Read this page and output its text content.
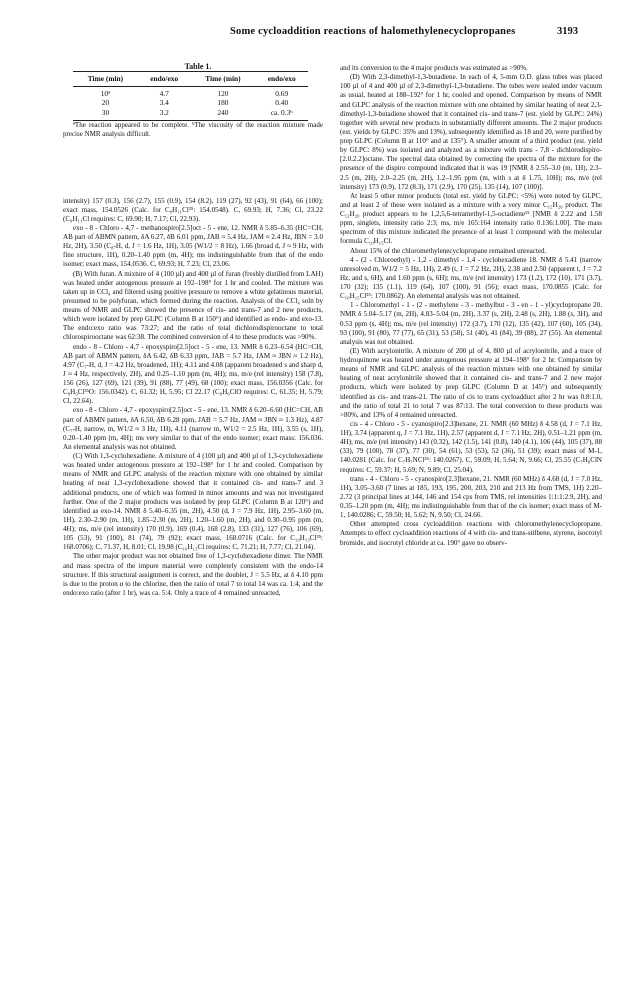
Some cycloaddition reactions of halomethylenecyclopropanes	3193

Table 1.

Time (min)	endo/exo	Time (min)	endo/exo

10ª	4.7	120	0.69
20	3.4	180	0.40
30	3.2	240	ca. 0.3ᵇ

ªThe reaction appeared to be complete. ᵇThe viscosity of the reaction mixture made precise NMR analysis difficult.

intensity) 157 (0.3), 156 (2.7), 155 (0.9), 154 (8.2), 119 (27), 92 (43), 91 (64), 66 (100); exact mass, 154.0526 (Calc. for C₉H₁₁Cl³⁵: 154.0548). C, 69.93; H, 7.36; Cl, 23.22 (C₉H₁₁Cl requires: C, 69.90; H, 7.17; Cl, 22.93).

exo - 8 - Chloro - 4,7 - methanospiro[2.5]oct - 5 - ene, 12. NMR δ 5.85–6.35 (HC=CH, AB part of ABMN pattern, δA 6.27, δB 6.01 ppm, JAB ≈ 5.4 Hz, JAM ≈ 2.4 Hz, JBN = 3.0 Hz, 2H), 3.50 (C₈-H, d, J = 1.6 Hz, 1H), 3.05 (W1/2 = 8 Hz), 1.66 (broad d, J ≈ 9 Hz, with fine structure, 1H), 0.20–1.40 ppm (m, 4H); ms indistinguishable from that of the endo isomer; exact mass, 154.0536. C, 69.93; H, 7.23; Cl, 23.06.

(B) With furan. A mixture of 4 (100 µl) and 400 µl of furan (freshly distilled from LAH) was heated under autogenous pressure at 192–198° for 1 hr and cooled. The mixture was taken up in CCl₄ and filtered using positive pressure to remove a white gelatinous material, presumed to be polyfuran, which formed during the reaction. Analysis of the CCl₄ soln by means of NMR and GLPC showed the presence of cis- and trans-7 and 2 new products, which were isolated by prep GLPC (Column B at 150°) and identified as endo- and exo-13. The endo:exo ratio was 73:27; and the ratio of total dichlorodispirooctane to total chlorospirooctane was 62:38. The combined conversion of 4 to these products was >90%.

endo - 8 - Chloro - 4,7 - epoxyspiro[2.5]oct - 5 - ene, 13. NMR δ 6.23–6.54 (HC=CH, AB part of ABMN pattern, δA 6.42, δB 6.33 ppm, JAB = 5.7 Hz, JAM ≈ JBN ≈ 1.2 Hz), 4.97 (C₇-H, d, J = 4.2 Hz, broadened, 1H); 4.11 and 4.08 (apparent broadened s and sharp d, J ≈ 4 Hz, respectively, 2H), and 0.25–1.10 ppm (m, 4H); ms, m/e (rel intensity) 158 (7.8), 156 (26), 127 (69), 121 (39), 91 (88), 77 (49), 68 (100); exact mass, 156.0356 (Calc. for C₈H₉Cl³⁵O: 156.0342). C, 61.32; H, 5.95; Cl 22.17 (C₈H₉ClO requires: C, 61.35; H, 5.79; Cl, 22.64).

exo - 8 - Chloro - 4,7 - epoxyspiro[2.5]oct - 5 - ene, 13. NMR δ 6.20–6.60 (HC=CH, AB part of ABMN pattern, δA 6.50, δB 6.28 ppm, JAB = 5.7 Hz, JAM ≈ JBN ≈ 1.3 Hz), 4.87 (C₇-H, narrow, m, W1/2 ≈ 3 Hz, 1H), 4.11 (narrow m, W1/2 = 2.5 Hz, 1H), 3.55 (s, 1H), 0.20–1.40 ppm (m, 4H); ms very similar to that of the endo isomer; exact mass: 156.036. An elemental analysis was not obtained.

(C) With 1,3-cyclohexadiene. A mixture of 4 (100 µl) and 400 µl of 1,3-cyclohexadiene was heated under autogenous pressure at 192–198° for 1 hr and cooled. Comparison by means of NMR and GLPC analysis of the reaction mixture with one obtained by similar heating of neat 1,3-cyclohexadiene showed that it contained cis- and trans-7 and 3 additional products, one of which was formed in minor amounts and was not investigated further. One of the 2 major products was isolated by prep GLPC (Column B at 120°) and identified as exo-14. NMR δ 5.40–6.35 (m, 2H), 4.50 (d, J = 7.9 Hz, 1H), 2.95–3.60 (m, 1H), 2.30–2.90 (m, 1H), 1.85–2.30 (m, 2H), 1.20–1.60 (m, 2H), and 0.30–0.95 ppm (m, 4H); ms, m/e (rel intensity) 170 (0.9), 169 (0.4), 168 (2.8), 133 (31), 127 (76), 106 (69), 105 (53), 91 (100), 81 (74), 79 (92); exact mass, 168.0716 (Calc. for C₁₀H₁₃Cl³⁵: 168.0706); C, 71.37, H, 8.01; Cl, 19.98 (C₁₀H₁₃Cl requires: C, 71.21; H, 7.77; Cl, 21.04).

The other major product was not obtained free of 1,3-cyclohexadiene dimer. The NMR and mass spectra of the impure material were completely consistent with the endo-14 structure. If this structural assignment is correct, and the doublet, J = 5.5 Hz, at δ 4.10 ppm is due to the proton α to the chlorine, then the ratio of total 7 to total 14 was ca. 1:4, and the endo:exo ratio (after 1 hr), was ca. 5:4. Only a trace of 4 remained unreacted,

and its conversion to the 4 major products was estimated as >90%.

(D) With 2,3-dimethyl-1,3-butadiene. In each of 4, 5-mm O.D. glass tubes was placed 100 µl of 4 and 400 µl of 2,3-dimethyl-1,3-butadiene. The tubes were sealed under vacuum as usual, heated at 188–192° for 1 hr, cooled and opened. Comparison by means of NMR and GLPC analysis of the reaction mixture with one obtained by similar heating of neat 2,3-dimethyl-1,3-butadiene showed that it contained cis- and trans-7 (est. yield by GLPC: 24%) together with several new products in substantially different amounts. The 2 major products (est. yields by GLPC: 35% and 13%), subsequently identified as 18 and 20, were purified by prep GLPC (Column B at 110° and at 135°). A smaller amount of a third product (est. yield by GLPC: 8%) was isolated and analyzed as a mixture with trans - 7,8 - dichlorodispiro-[2.0.2.2]octane. The spectral data obtained by correcting the spectra of the mixture for the presence of the dispiro compound indicated that it was 19 [NMR δ 2.55–3.0 (m, 1H), 2.3–2.5 (m, 2H), 2.0–2.25 (m, 2H), 1.2–1.95 ppm (m, with s at δ 1.75, 10H); ms, m/e (rel intensity) 173 (0.9), 172 (8.3), 171 (2.9), 170 (25), 135 (14), 107 (100)].

At least 5 other minor products (total est. yield by GLPC: <5%) were noted by GLPC, and at least 2 of these were isolated as a mixture with a very minor C₁₂H₂₀ product. The C₁₂H₂₀ product appears to be 1,2,5,6-tetramethyl-1,5-octadiene¹⁵ [NMR δ 2.22 and 1.58 ppm, singlets, intensity ratio 2:3; ms, m/e 165:164 intensity ratio 0.136:1.00]. The mass spectrum of this mixture indicated the presence of at least 1 compound with the molecular formula C₁₀H₁₅Cl.

About 15% of the chloromethylenecyclopropane remained unreacted.

4 - (2 - Chloroethyl) - 1,2 - dimethyl - 1,4 - cyclohexadiene 18. NMR δ 5.41 (narrow unresolved m, W1/2 = 5 Hz, 1H), 2.49 (t, J = 7.2 Hz, 2H), 2.38 and 2.50 (apparent t, J = 7.2 Hz, and s, 6H), and 1.60 ppm (s, 6H); ms, m/e (rel intensity) 173 (1.2), 172 (10), 171 (3.7), 170 (32); 135 (1.1), 119 (64), 107 (100), 91 (56); exact mass, 170.0855 (Calc. for C₁₀H₁₅Cl³⁵: 170.0862). An elemental analysis was not obtained.

1 - Chloromethyl - 1 - (2 - methylene - 3 - methylbut - 3 - en - 1 - yl)cyclopropane 20. NMR δ 5.04–5.17 (m, 2H), 4.83–5.04 (m, 2H), 3.37 (s, 2H), 2.48 (s, 2H), 1.88 (s, 3H), and 0.53 ppm (s, 4H); ms, m/e (rel intensity) 172 (3.7), 170 (12), 135 (42), 107 (60), 105 (34), 93 (100), 91 (80), 77 (77), 65 (31), 53 (58), 51 (40), 41 (84), 39 (88), 27 (55). An elemental analysis was not obtained.

(E) With acrylonitrile. A mixture of 200 µl of 4, 800 µl of acrylonitrile, and a trace of hydroquinone was heated under autogenous pressure at 194–198° for 2 hr. Comparison by means of NMR and GLPC analysis of the reaction mixture with one obtained by similar heating of neat acrylonitrile showed that it contained cis- and trans-7 and 2 new major products, which were isolated by prep GLPC (Column D at 145°) and subsequently identified as cis- and trans-21. The ratio of cis to trans cycloadduct after 2 hr was 0.8:1.0, and the ratio of total 21 to total 7 was 87:13. The total conversion to these products was >80%, and 13% of 4 remained unreacted.

cis - 4 - Chloro - 5 - cyanospiro[2.3]hexane, 21. NMR (60 MHz) δ 4.58 (d, J = 7.1 Hz, 1H), 3.74 (apparent q, J = 7.1 Hz, 1H), 2.57 (apparent d, J = 7.1 Hz, 2H), 0.51–1.21 ppm (m, 4H); ms, m/e (rel intensity) 143 (0.32), 142 (1.5), 141 (0.8), 140 (4.1), 106 (44), 105 (37), 88 (33), 79 (100), 78 (37), 77 (30), 54 (61), 53 (53), 52 (36), 51 (39); exact mass of M-1, 140.0281 (Calc. for C₇H₇NCl³⁵: 140.0267). C, 59.09; H, 5.64; N, 9.66; Cl, 25.55 (C₇H₈ClN requires: C, 59.37; H, 5.69; N, 9.89; Cl, 25.04).

trans - 4 - Chloro - 5 - cyanospiro[2.3]hexane, 21. NMR (60 MHz) δ 4.68 (d, J = 7.0 Hz, 1H), 3.05–3.60 (7 lines at 185, 193, 195, 200, 203, 210 and 213 Hz from TMS, 1H) 2.20–2.72 (3 principal lines at 144, 146 and 154 cps from TMS, rel intensities 1:1:1:2.9, 2H), and 0.35–1.20 ppm (m, 4H); ms indistinguishable from that of the cis isomer; exact mass of M-1, 140.0286; C, 59.50; H, 5.62; N, 9.50; Cl, 24.66.

Other attempted cross cycloaddition reactions with chloromethylenecyclopropane. Attempts to effect cycloaddition reactions of 4 with cis- and trans-stilbene, styrene, isocrotyl bromide, and isocrotyl chloride at ca. 190° gave no observ-
